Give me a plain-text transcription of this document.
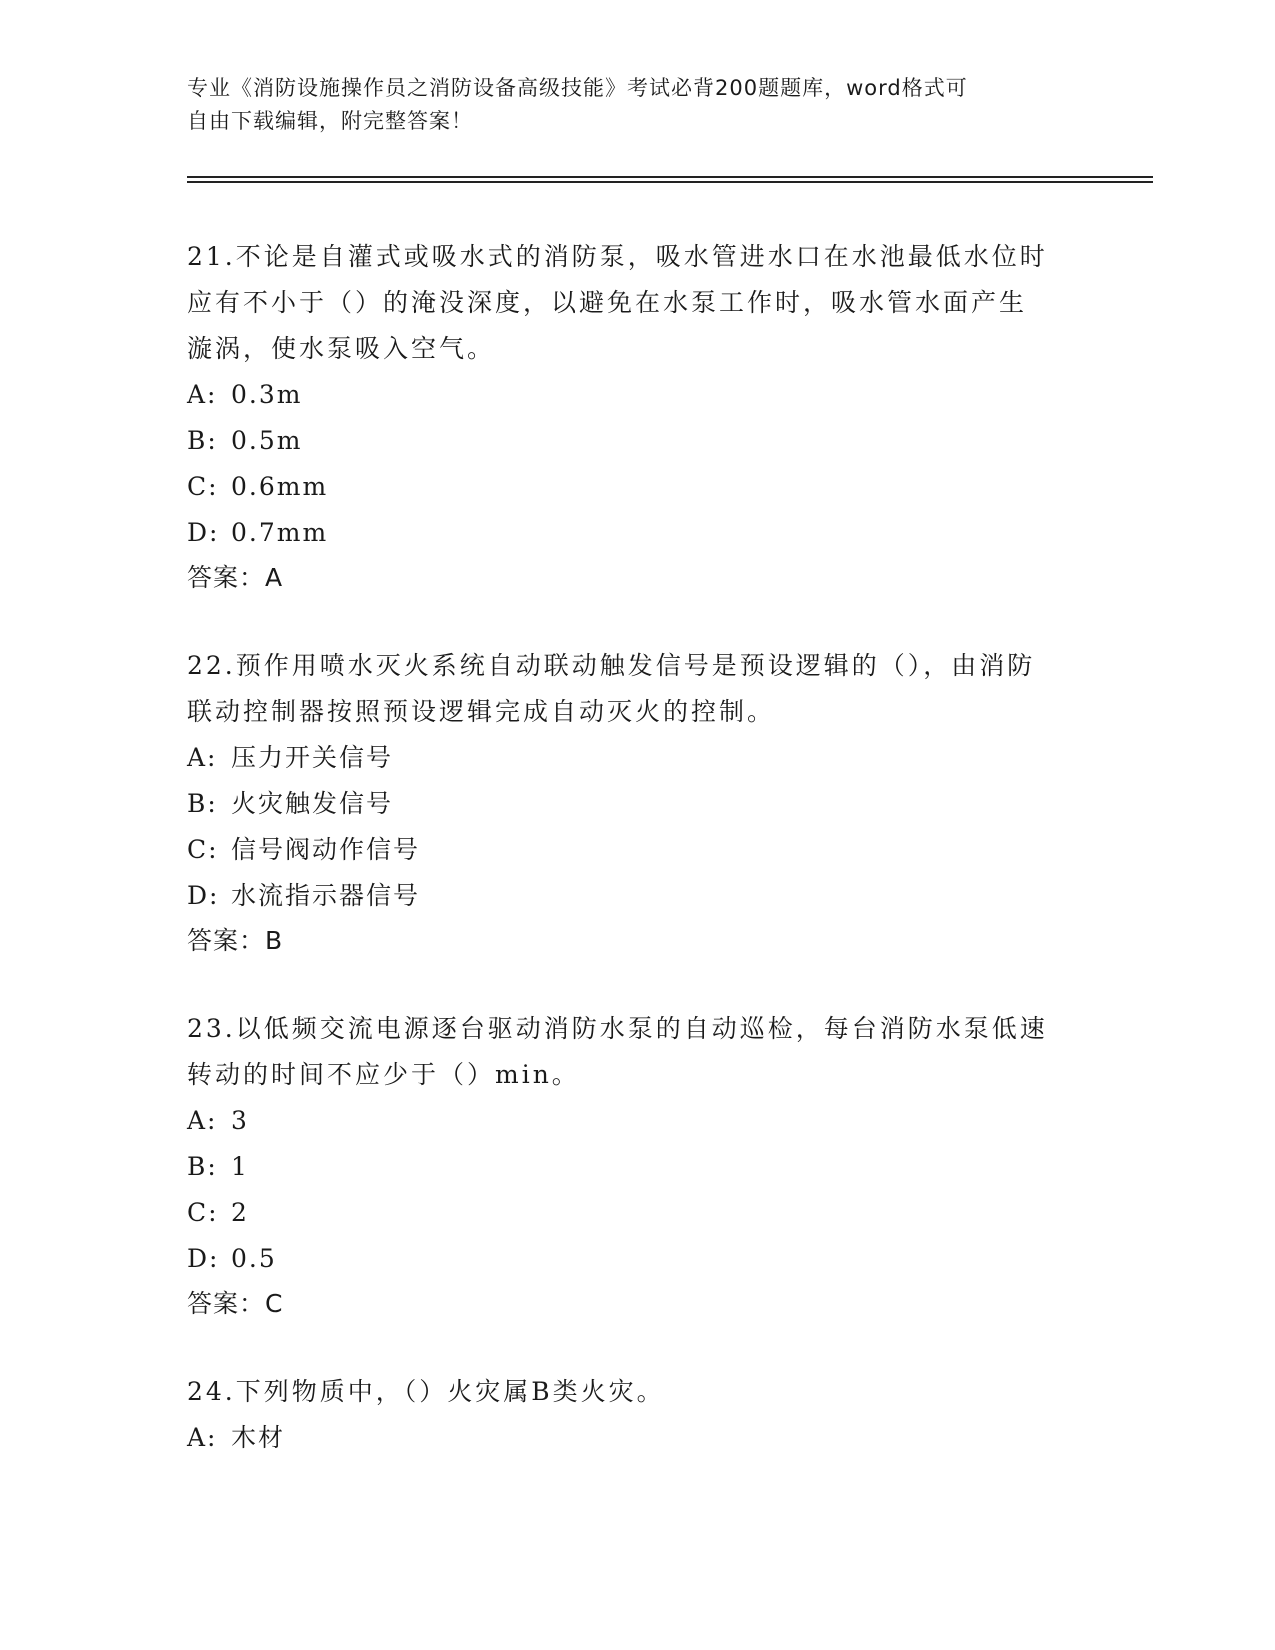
专业《消防设施操作员之消防设备高级技能》考试必背200题题库，word格式可

自由下载编辑，附完整答案！

21.不论是自灌式或吸水式的消防泵，吸水管进水口在水池最低水位时

应有不小于（）的淹没深度，以避免在水泵工作时，吸水管水面产生

漩涡，使水泵吸入空气。

A: 0.3m

B: 0.5m

C: 0.6mm

D: 0.7mm

答案：A

22.预作用喷水灭火系统自动联动触发信号是预设逻辑的（），由消防

联动控制器按照预设逻辑完成自动灭火的控制。

A: 压力开关信号

B: 火灾触发信号

C: 信号阀动作信号

D: 水流指示器信号

答案：B

23.以低频交流电源逐台驱动消防水泵的自动巡检，每台消防水泵低速

转动的时间不应少于（）min。

A: 3

B: 1

C: 2

D: 0.5

答案：C

24.下列物质中，（）火灾属B类火灾。

A: 木材
